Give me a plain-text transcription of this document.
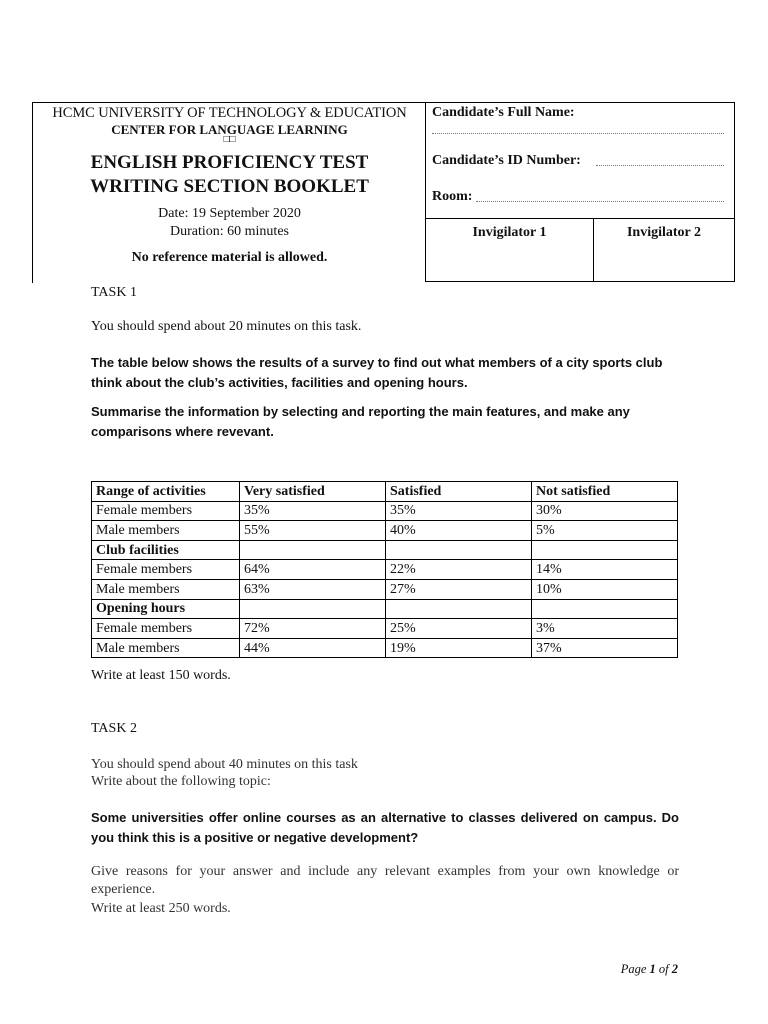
HCMC UNIVERSITY OF TECHNOLOGY & EDUCATION
CENTER FOR LANGUAGE LEARNING
□□
ENGLISH PROFICIENCY TEST
WRITING SECTION BOOKLET
Date: 19 September 2020
Duration: 60 minutes
No reference material is allowed.
Candidate’s Full Name:
Candidate’s ID Number:
Room:
Invigilator 1	Invigilator 2
TASK 1
You should spend about 20 minutes on this task.
The table below shows the results of a survey to find out what members of a city sports club think about the club’s activities, facilities and opening hours.
Summarise the information by selecting and reporting the main features, and make any comparisons where revevant.
Range of activities	Very satisfied	Satisfied	Not satisfied
Female members	35%	35%	30%
Male members	55%	40%	5%
Club facilities			
Female members	64%	22%	14%
Male members	63%	27%	10%
Opening hours			
Female members	72%	25%	3%
Male members	44%	19%	37%
Write at least 150 words.
TASK 2
You should spend about 40 minutes on this task
Write about the following topic:
Some universities offer online courses as an alternative to classes delivered on campus. Do you think this is a positive or negative development?
Give reasons for your answer and include any relevant examples from your own knowledge or experience.
Write at least 250 words.
Page 1 of 2
